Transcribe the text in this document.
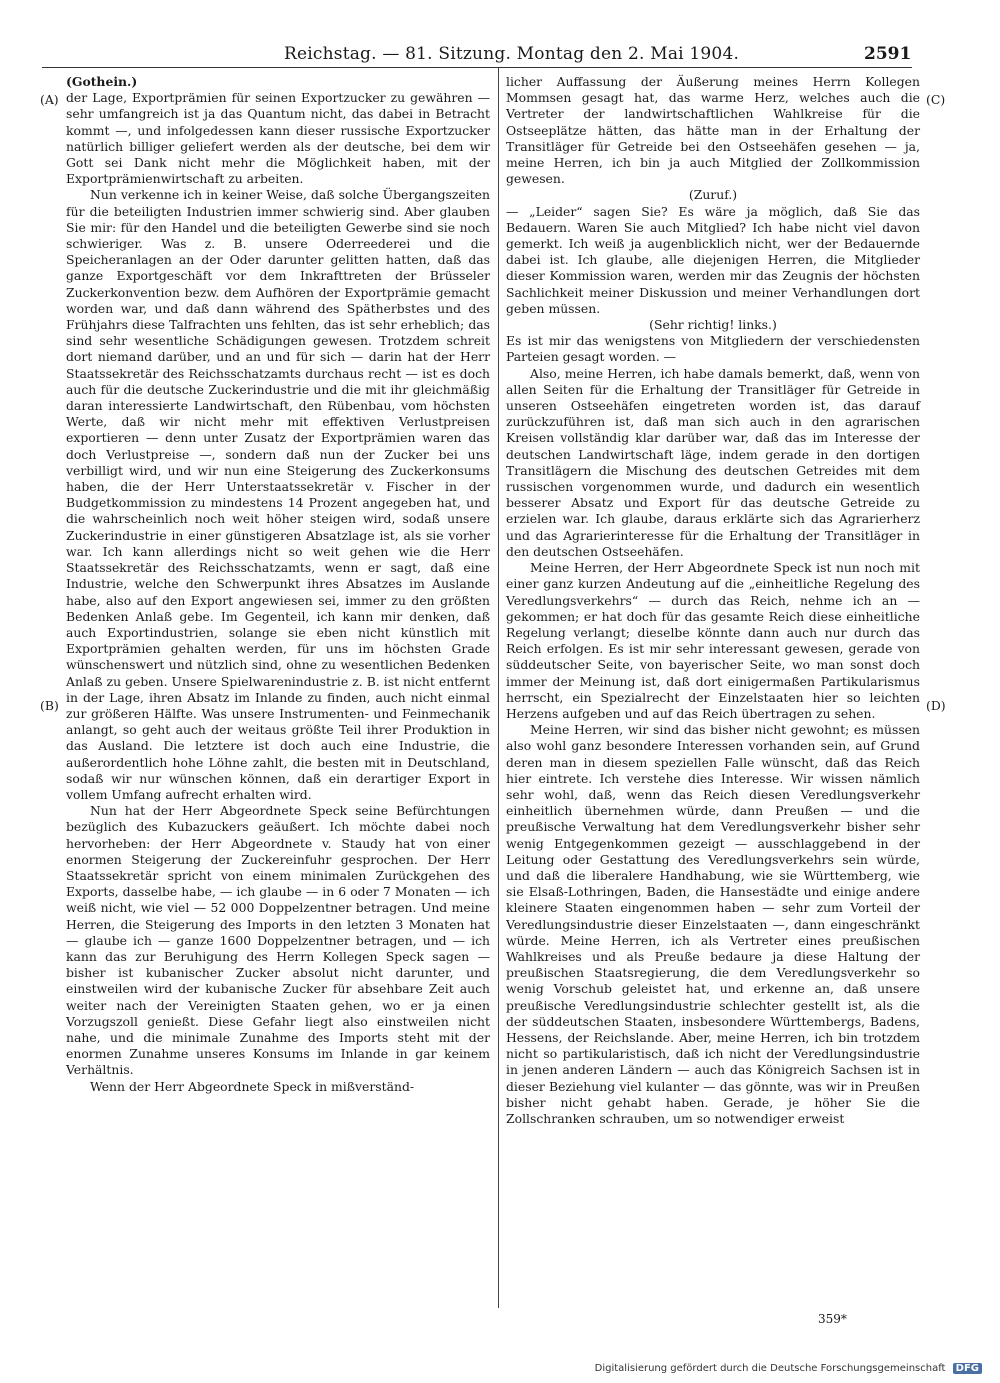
Reichstag. — 81. Sitzung. Montag den 2. Mai 1904.	2591
(A)
(B)
(C)
(D)

(Gothein.)

der Lage, Exportprämien für seinen Exportzucker zu gewähren — sehr umfangreich ist ja das Quantum nicht, das dabei in Betracht kommt —, und infolgedessen kann dieser russische Exportzucker natürlich billiger geliefert werden als der deutsche, bei dem wir Gott sei Dank nicht mehr die Möglichkeit haben, mit der Exportprämienwirtschaft zu arbeiten.

Nun verkenne ich in keiner Weise, daß solche Übergangszeiten für die beteiligten Industrien immer schwierig sind. Aber glauben Sie mir: für den Handel und die beteiligten Gewerbe sind sie noch schwieriger. Was z. B. unsere Oderreederei und die Speicheranlagen an der Oder darunter gelitten hatten, daß das ganze Exportgeschäft vor dem Inkrafttreten der Brüsseler Zuckerkonvention bezw. dem Aufhören der Exportprämie gemacht worden war, und daß dann während des Spätherbstes und des Frühjahrs diese Talfrachten uns fehlten, das ist sehr erheblich; das sind sehr wesentliche Schädigungen gewesen. Trotzdem schreit dort niemand darüber, und an und für sich — darin hat der Herr Staatssekretär des Reichsschatzamts durchaus recht — ist es doch auch für die deutsche Zuckerindustrie und die mit ihr gleichmäßig daran interessierte Landwirtschaft, den Rübenbau, vom höchsten Werte, daß wir nicht mehr mit effektiven Verlustpreisen exportieren — denn unter Zusatz der Exportprämien waren das doch Verlustpreise —, sondern daß nun der Zucker bei uns verbilligt wird, und wir nun eine Steigerung des Zuckerkonsums haben, die der Herr Unterstaatssekretär v. Fischer in der Budgetkommission zu mindestens 14 Prozent angegeben hat, und die wahrscheinlich noch weit höher steigen wird, sodaß unsere Zuckerindustrie in einer günstigeren Absatzlage ist, als sie vorher war. Ich kann allerdings nicht so weit gehen wie die Herr Staatssekretär des Reichsschatzamts, wenn er sagt, daß eine Industrie, welche den Schwerpunkt ihres Absatzes im Auslande habe, also auf den Export angewiesen sei, immer zu den größten Bedenken Anlaß gebe. Im Gegenteil, ich kann mir denken, daß auch Exportindustrien, solange sie eben nicht künstlich mit Exportprämien gehalten werden, für uns im höchsten Grade wünschenswert und nützlich sind, ohne zu wesentlichen Bedenken Anlaß zu geben. Unsere Spielwarenindustrie z. B. ist nicht entfernt in der Lage, ihren Absatz im Inlande zu finden, auch nicht einmal zur größeren Hälfte. Was unsere Instrumenten- und Feinmechanik anlangt, so geht auch der weitaus größte Teil ihrer Produktion in das Ausland. Die letztere ist doch auch eine Industrie, die außerordentlich hohe Löhne zahlt, die besten mit in Deutschland, sodaß wir nur wünschen können, daß ein derartiger Export in vollem Umfang aufrecht erhalten wird.

Nun hat der Herr Abgeordnete Speck seine Befürchtungen bezüglich des Kubazuckers geäußert. Ich möchte dabei noch hervorheben: der Herr Abgeordnete v. Staudy hat von einer enormen Steigerung der Zuckereinfuhr gesprochen. Der Herr Staatssekretär spricht von einem minimalen Zurückgehen des Exports, dasselbe habe, — ich glaube — in 6 oder 7 Monaten — ich weiß nicht, wie viel — 52 000 Doppelzentner betragen. Und meine Herren, die Steigerung des Imports in den letzten 3 Monaten hat — glaube ich — ganze 1600 Doppelzentner betragen, und — ich kann das zur Beruhigung des Herrn Kollegen Speck sagen — bisher ist kubanischer Zucker absolut nicht darunter, und einstweilen wird der kubanische Zucker für absehbare Zeit auch weiter nach der Vereinigten Staaten gehen, wo er ja einen Vorzugszoll genießt. Diese Gefahr liegt also einstweilen nicht nahe, und die minimale Zunahme des Imports steht mit der enormen Zunahme unseres Konsums im Inlande in gar keinem Verhältnis.

Wenn der Herr Abgeordnete Speck in mißverständ-

licher Auffassung der Äußerung meines Herrn Kollegen Mommsen gesagt hat, das warme Herz, welches auch die Vertreter der landwirtschaftlichen Wahlkreise für die Ostseeplätze hätten, das hätte man in der Erhaltung der Transitläger für Getreide bei den Ostseehäfen gesehen — ja, meine Herren, ich bin ja auch Mitglied der Zollkommission gewesen.

(Zuruf.)

— „Leider“ sagen Sie? Es wäre ja möglich, daß Sie das Bedauern. Waren Sie auch Mitglied? Ich habe nicht viel davon gemerkt. Ich weiß ja augenblicklich nicht, wer der Bedauernde dabei ist. Ich glaube, alle diejenigen Herren, die Mitglieder dieser Kommission waren, werden mir das Zeugnis der höchsten Sachlichkeit meiner Diskussion und meiner Verhandlungen dort geben müssen.

(Sehr richtig! links.)

Es ist mir das wenigstens von Mitgliedern der verschiedensten Parteien gesagt worden. —

Also, meine Herren, ich habe damals bemerkt, daß, wenn von allen Seiten für die Erhaltung der Transitläger für Getreide in unseren Ostseehäfen eingetreten worden ist, das darauf zurückzuführen ist, daß man sich auch in den agrarischen Kreisen vollständig klar darüber war, daß das im Interesse der deutschen Landwirtschaft läge, indem gerade in den dortigen Transitlägern die Mischung des deutschen Getreides mit dem russischen vorgenommen wurde, und dadurch ein wesentlich besserer Absatz und Export für das deutsche Getreide zu erzielen war. Ich glaube, daraus erklärte sich das Agrarierherz und das Agrarierinteresse für die Erhaltung der Transitläger in den deutschen Ostseehäfen.

Meine Herren, der Herr Abgeordnete Speck ist nun noch mit einer ganz kurzen Andeutung auf die „einheitliche Regelung des Veredlungsverkehrs“ — durch das Reich, nehme ich an — gekommen; er hat doch für das gesamte Reich diese einheitliche Regelung verlangt; dieselbe könnte dann auch nur durch das Reich erfolgen. Es ist mir sehr interessant gewesen, gerade von süddeutscher Seite, von bayerischer Seite, wo man sonst doch immer der Meinung ist, daß dort einigermaßen Partikularismus herrscht, ein Spezialrecht der Einzelstaaten hier so leichten Herzens aufgeben und auf das Reich übertragen zu sehen.

Meine Herren, wir sind das bisher nicht gewohnt; es müssen also wohl ganz besondere Interessen vorhanden sein, auf Grund deren man in diesem speziellen Falle wünscht, daß das Reich hier eintrete. Ich verstehe dies Interesse. Wir wissen nämlich sehr wohl, daß, wenn das Reich diesen Veredlungsverkehr einheitlich übernehmen würde, dann Preußen — und die preußische Verwaltung hat dem Veredlungsverkehr bisher sehr wenig Entgegenkommen gezeigt — ausschlaggebend in der Leitung oder Gestattung des Veredlungsverkehrs sein würde, und daß die liberalere Handhabung, wie sie Württemberg, wie sie Elsaß-Lothringen, Baden, die Hansestädte und einige andere kleinere Staaten eingenommen haben — sehr zum Vorteil der Veredlungsindustrie dieser Einzelstaaten —, dann eingeschränkt würde. Meine Herren, ich als Vertreter eines preußischen Wahlkreises und als Preuße bedaure ja diese Haltung der preußischen Staatsregierung, die dem Veredlungsverkehr so wenig Vorschub geleistet hat, und erkenne an, daß unsere preußische Veredlungsindustrie schlechter gestellt ist, als die der süddeutschen Staaten, insbesondere Württembergs, Badens, Hessens, der Reichslande. Aber, meine Herren, ich bin trotzdem nicht so partikularistisch, daß ich nicht der Veredlungsindustrie in jenen anderen Ländern — auch das Königreich Sachsen ist in dieser Beziehung viel kulanter — das gönnte, was wir in Preußen bisher nicht gehabt haben. Gerade, je höher Sie die Zollschranken schrauben, um so notwendiger erweist

359*
Digitalisierung gefördert durch die Deutsche Forschungsgemeinschaft DFG
